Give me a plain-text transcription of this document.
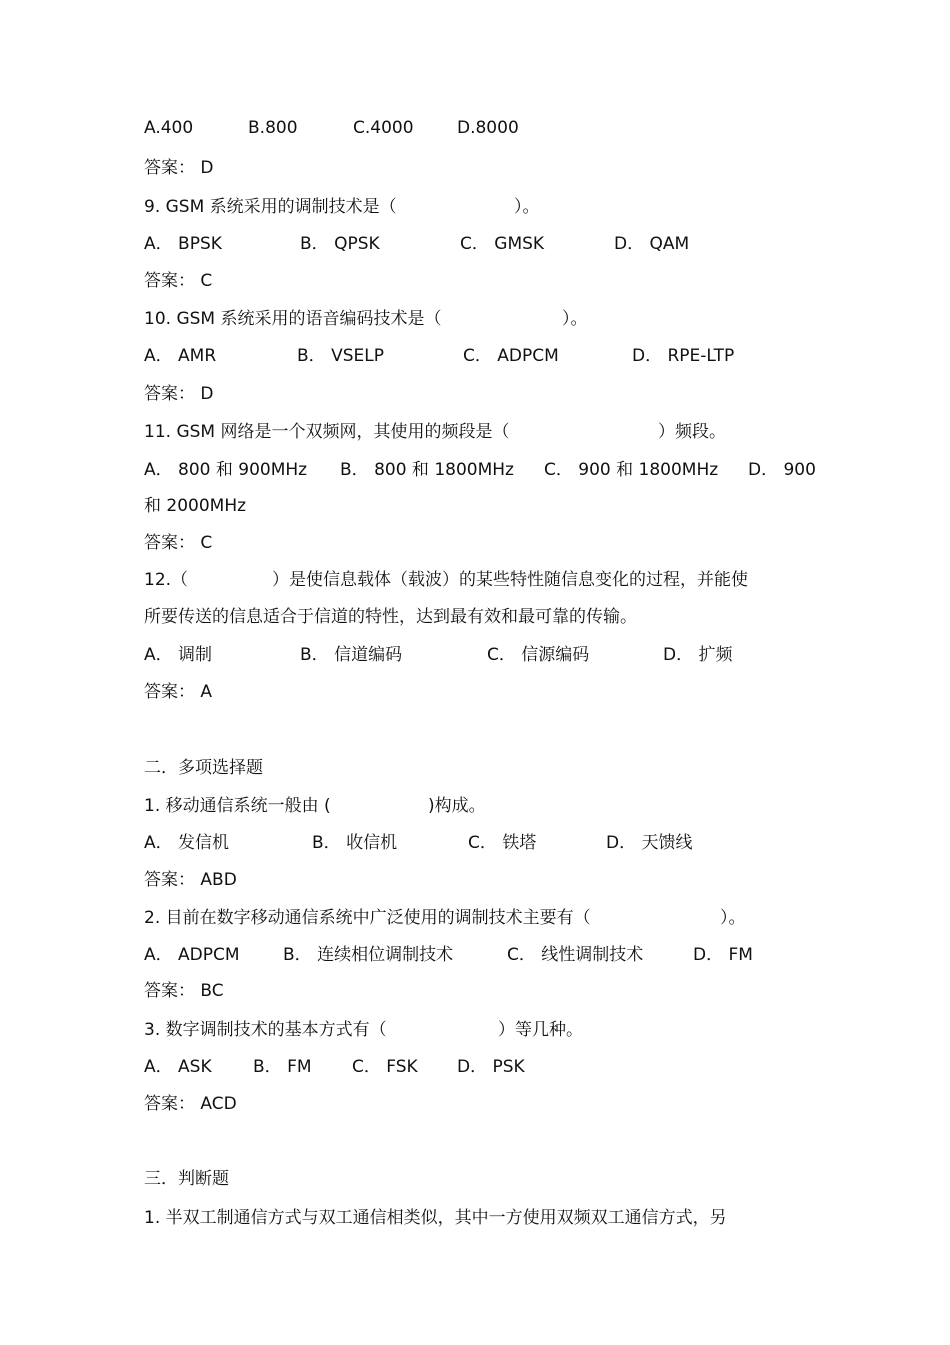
A.400	B.800	C.4000	D.8000
答案： D
9. GSM 系统采用的调制技术是（	）。
A． BPSK	B． QPSK	C． GMSK	D． QAM
答案： C
10. GSM 系统采用的语音编码技术是（	）。
A． AMR	B． VSELP	C． ADPCM	D． RPE-LTP
答案： D
11. GSM 网络是一个双频网，其使用的频段是（	）频段。
A． 800 和 900MHz B． 800 和 1800MHz C． 900 和 1800MHz D． 900
和 2000MHz
答案： C
12.（	）是使信息载体（载波）的某些特性随信息变化的过程，并能使
所要传送的信息适合于信道的特性，达到最有效和最可靠的传输。
A． 调制	B． 信道编码	C． 信源编码	D． 扩频
答案： A
二．多项选择题
1. 移动通信系统一般由 (	)构成。
A． 发信机	B． 收信机	C． 铁塔	D． 天馈线
答案： ABD
2. 目前在数字移动通信系统中广泛使用的调制技术主要有（	）。
A． ADPCM	B． 连续相位调制技术	C． 线性调制技术	D． FM
答案： BC
3. 数字调制技术的基本方式有（	）等几种。
A． ASK B． FM C． FSK D． PSK
答案： ACD
三．判断题
1. 半双工制通信方式与双工通信相类似，其中一方使用双频双工通信方式，另
